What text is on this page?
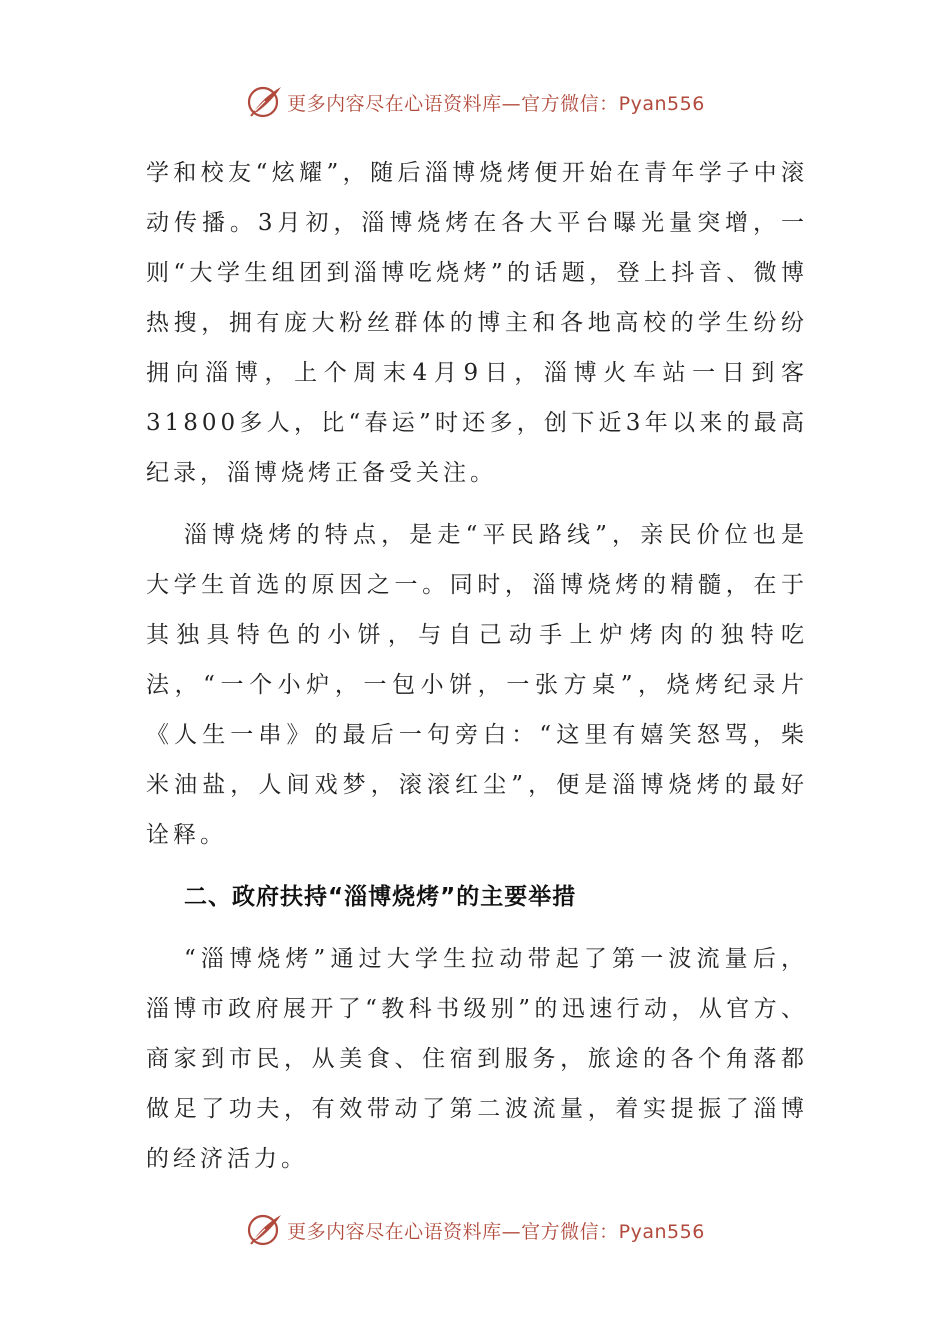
更多内容尽在心语资料库—官方微信：Pyan556

学和校友“炫耀”，随后淄博烧烤便开始在青年学子中滚动传播。3月初，淄博烧烤在各大平台曝光量突增，一则“大学生组团到淄博吃烧烤”的话题，登上抖音、微博热搜，拥有庞大粉丝群体的博主和各地高校的学生纷纷拥向淄博，上个周末4月9日，淄博火车站一日到客31800多人，比“春运”时还多，创下近3年以来的最高纪录，淄博烧烤正备受关注。

淄博烧烤的特点，是走“平民路线”，亲民价位也是大学生首选的原因之一。同时，淄博烧烤的精髓，在于其独具特色的小饼，与自己动手上炉烤肉的独特吃法，“一个小炉，一包小饼，一张方桌”，烧烤纪录片《人生一串》的最后一句旁白：“这里有嬉笑怒骂，柴米油盐，人间戏梦，滚滚红尘”，便是淄博烧烤的最好诠释。

二、政府扶持“淄博烧烤”的主要举措

“淄博烧烤”通过大学生拉动带起了第一波流量后，淄博市政府展开了“教科书级别”的迅速行动，从官方、商家到市民，从美食、住宿到服务，旅途的各个角落都做足了功夫，有效带动了第二波流量，着实提振了淄博的经济活力。

更多内容尽在心语资料库—官方微信：Pyan556
